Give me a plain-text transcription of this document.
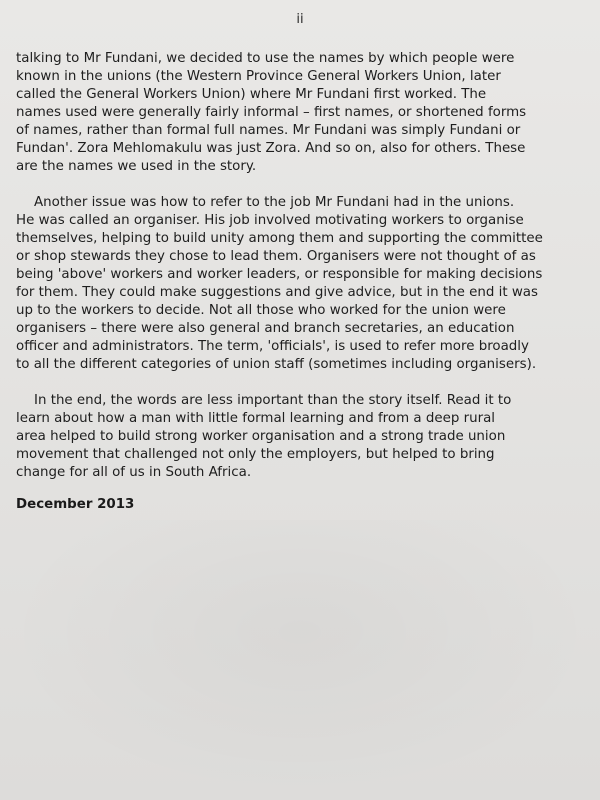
ii

talking to Mr Fundani, we decided to use the names by which people were
known in the unions (the Western Province General Workers Union, later
called the General Workers Union) where Mr Fundani first worked. The
names used were generally fairly informal – first names, or shortened forms
of names, rather than formal full names. Mr Fundani was simply Fundani or
Fundan'. Zora Mehlomakulu was just Zora. And so on, also for others. These
are the names we used in the story.

Another issue was how to refer to the job Mr Fundani had in the unions.
He was called an organiser. His job involved motivating workers to organise
themselves, helping to build unity among them and supporting the committee
or shop stewards they chose to lead them. Organisers were not thought of as
being 'above' workers and worker leaders, or responsible for making decisions
for them. They could make suggestions and give advice, but in the end it was
up to the workers to decide. Not all those who worked for the union were
organisers – there were also general and branch secretaries, an education
officer and administrators. The term, 'officials', is used to refer more broadly
to all the different categories of union staff (sometimes including organisers).

In the end, the words are less important than the story itself. Read it to
learn about how a man with little formal learning and from a deep rural
area helped to build strong worker organisation and a strong trade union
movement that challenged not only the employers, but helped to bring
change for all of us in South Africa.

December 2013
